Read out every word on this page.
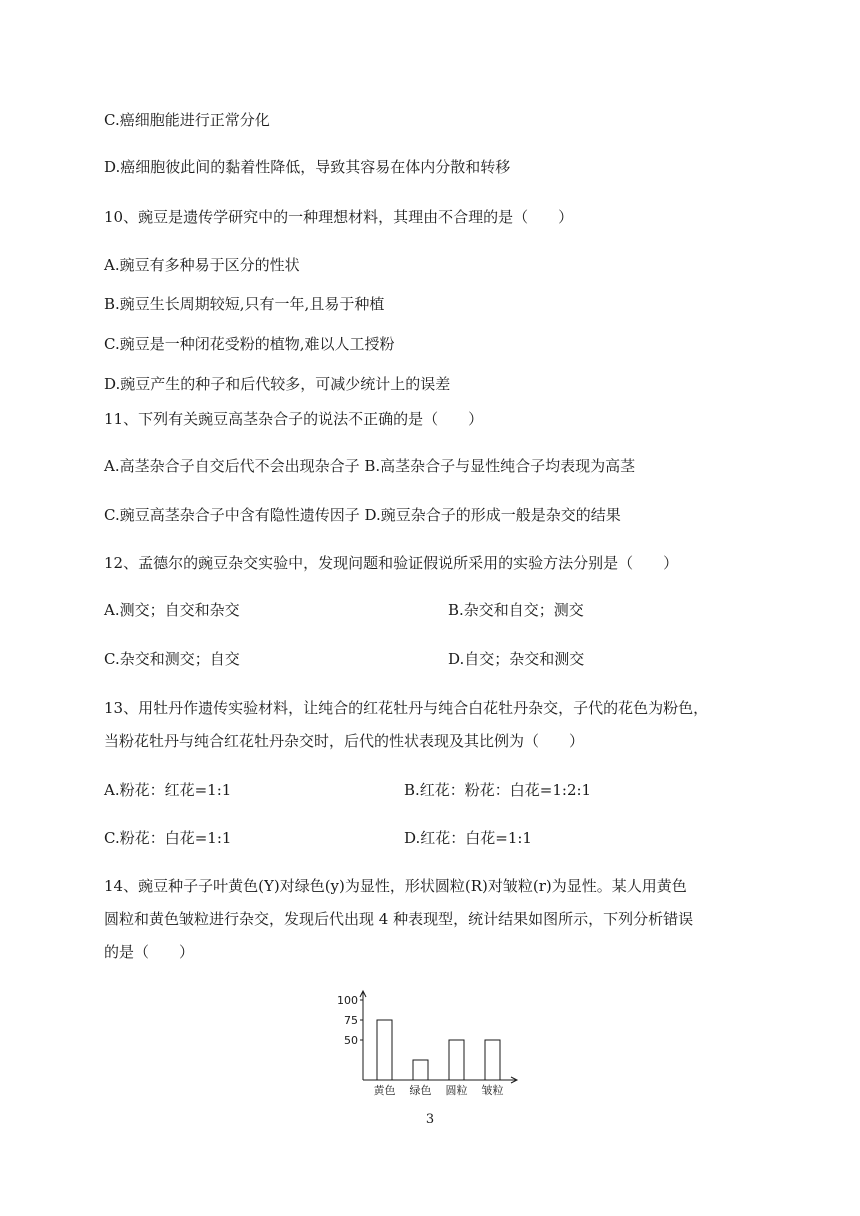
C.癌细胞能进行正常分化
D.癌细胞彼此间的黏着性降低，导致其容易在体内分散和转移
10、豌豆是遗传学研究中的一种理想材料，其理由不合理的是（　　）
A.豌豆有多种易于区分的性状
B.豌豆生长周期较短,只有一年,且易于种植
C.豌豆是一种闭花受粉的植物,难以人工授粉
D.豌豆产生的种子和后代较多，可减少统计上的误差
11、下列有关豌豆高茎杂合子的说法不正确的是（　　）
A.高茎杂合子自交后代不会出现杂合子 B.高茎杂合子与显性纯合子均表现为高茎
C.豌豆高茎杂合子中含有隐性遗传因子 D.豌豆杂合子的形成一般是杂交的结果
12、孟德尔的豌豆杂交实验中，发现问题和验证假说所采用的实验方法分别是（　　）
A.测交；自交和杂交	B.杂交和自交；测交
C.杂交和测交；自交	D.自交；杂交和测交
13、用牡丹作遗传实验材料，让纯合的红花牡丹与纯合白花牡丹杂交，子代的花色为粉色，
当粉花牡丹与纯合红花牡丹杂交时，后代的性状表现及其比例为（　　）
A.粉花：红花=1:1	B.红花：粉花：白花=1:2:1
C.粉花：白花=1:1	D.红花：白花=1:1
14、豌豆种子子叶黄色(Y)对绿色(y)为显性，形状圆粒(R)对皱粒(r)为显性。某人用黄色
圆粒和黄色皱粒进行杂交，发现后代出现 4 种表现型，统计结果如图所示，下列分析错误
的是（　　）
50
75
100
黄色 绿色 圆粒 皱粒
3
